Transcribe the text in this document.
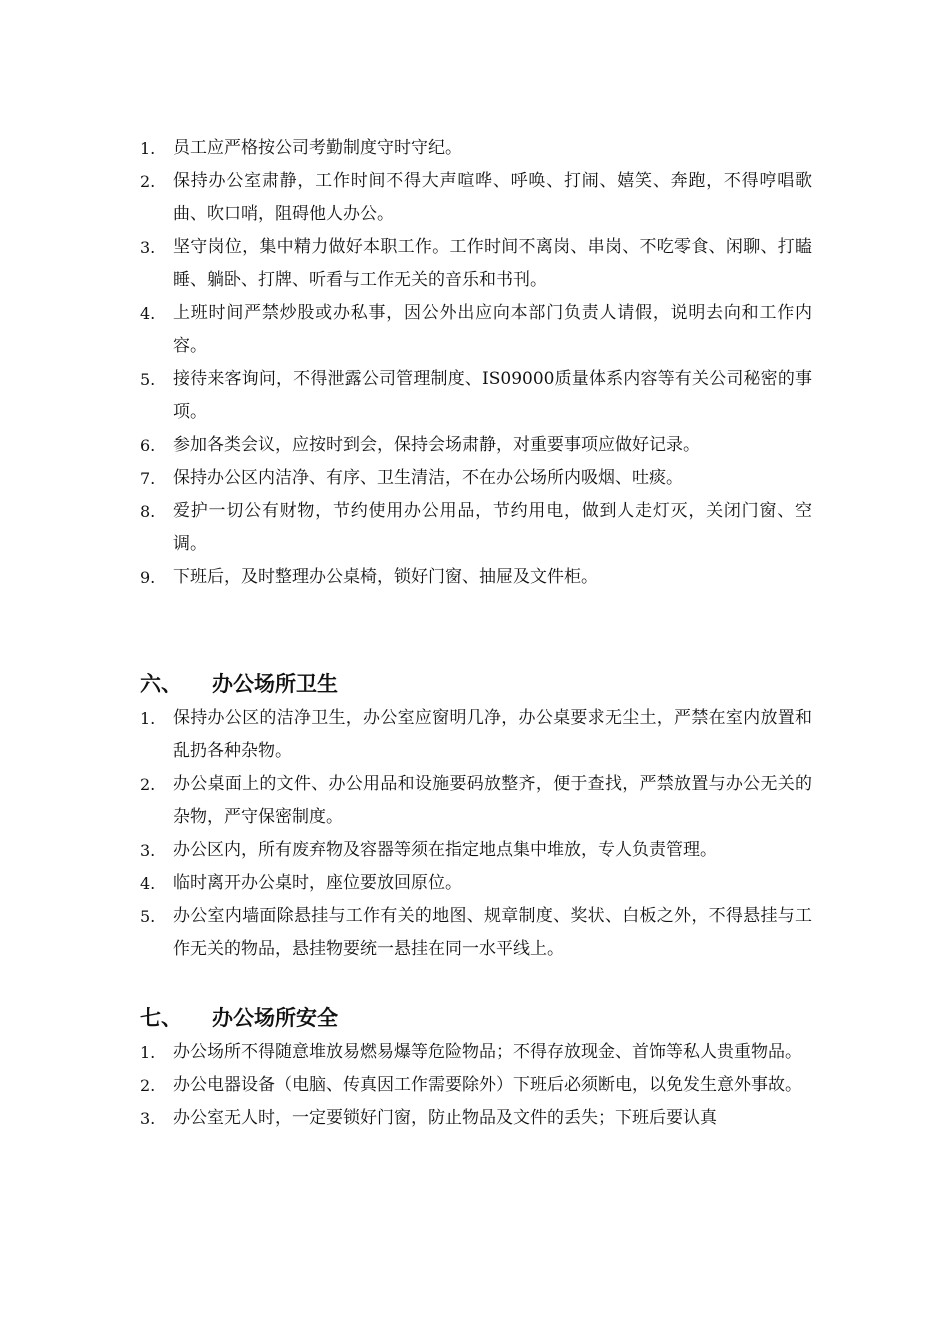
1.	员工应严格按公司考勤制度守时守纪。
2.	保持办公室肃静，工作时间不得大声喧哗、呼唤、打闹、嬉笑、奔跑，不得哼唱歌曲、吹口哨，阻碍他人办公。
3.	坚守岗位，集中精力做好本职工作。工作时间不离岗、串岗、不吃零食、闲聊、打瞌睡、躺卧、打牌、听看与工作无关的音乐和书刊。
4.	上班时间严禁炒股或办私事，因公外出应向本部门负责人请假，说明去向和工作内容。
5.	接待来客询问，不得泄露公司管理制度、IS09000质量体系内容等有关公司秘密的事项。
6.	参加各类会议，应按时到会，保持会场肃静，对重要事项应做好记录。
7.	保持办公区内洁净、有序、卫生清洁，不在办公场所内吸烟、吐痰。
8.	爱护一切公有财物，节约使用办公用品，节约用电，做到人走灯灭，关闭门窗、空调。
9.	下班后，及时整理办公桌椅，锁好门窗、抽屉及文件柜。
六、 办公场所卫生
1.	保持办公区的洁净卫生，办公室应窗明几净，办公桌要求无尘土，严禁在室内放置和乱扔各种杂物。
2.	办公桌面上的文件、办公用品和设施要码放整齐，便于查找，严禁放置与办公无关的杂物，严守保密制度。
3.	办公区内，所有废弃物及容器等须在指定地点集中堆放，专人负责管理。
4.	临时离开办公桌时，座位要放回原位。
5.	办公室内墙面除悬挂与工作有关的地图、规章制度、奖状、白板之外，不得悬挂与工作无关的物品，悬挂物要统一悬挂在同一水平线上。
七、 办公场所安全
1.	办公场所不得随意堆放易燃易爆等危险物品；不得存放现金、首饰等私人贵重物品。
2.	办公电器设备（电脑、传真因工作需要除外）下班后必须断电，以免发生意外事故。
3.	办公室无人时，一定要锁好门窗，防止物品及文件的丢失；下班后要认真
